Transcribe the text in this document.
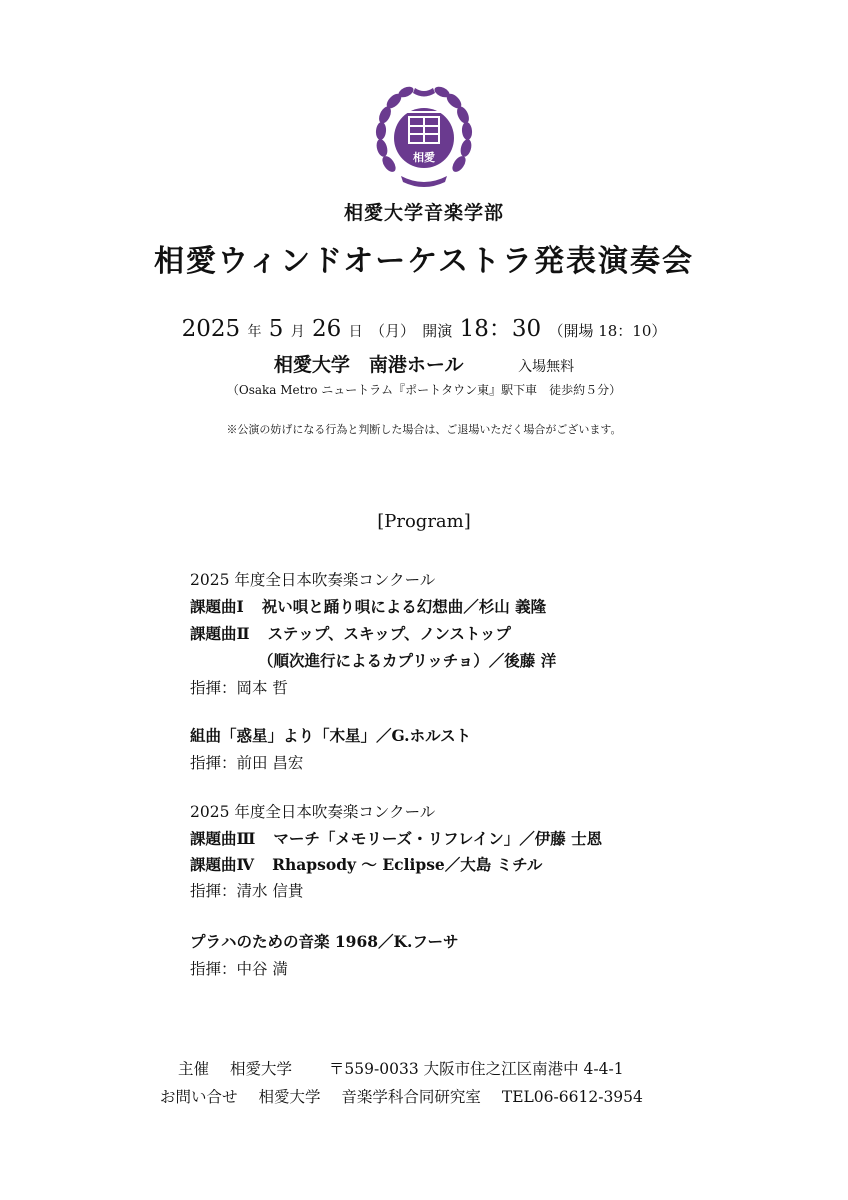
相愛
相愛大学音楽学部
相愛ウィンドオーケストラ発表演奏会
2025 年 5 月 26 日 （月） 開演 18：30 （開場 18：10）
相愛大学　南港ホール	入場無料
（Osaka Metro ニュートラム『ポートタウン東』駅下車　徒歩約５分）
※公演の妨げになる行為と判断した場合は、ご退場いただく場合がございます。
[Program]
2025 年度全日本吹奏楽コンクール
課題曲Ⅰ 祝い唄と踊り唄による幻想曲／杉山 義隆
課題曲Ⅱ ステップ、スキップ、ノンストップ
（順次進行によるカプリッチョ）／後藤 洋
指揮：岡本 哲
組曲「惑星」より「木星」／G.ホルスト
指揮：前田 昌宏
2025 年度全日本吹奏楽コンクール
課題曲Ⅲ マーチ「メモリーズ・リフレイン」／伊藤 士恩
課題曲Ⅳ Rhapsody 〜 Eclipse／大島 ミチル
指揮：清水 信貴
プラハのための音楽 1968／K.フーサ
指揮：中谷 満
主催 相愛大学 〒559-0033 大阪市住之江区南港中 4-4-1
お問い合せ 相愛大学 音楽学科合同研究室 TEL06-6612-3954
